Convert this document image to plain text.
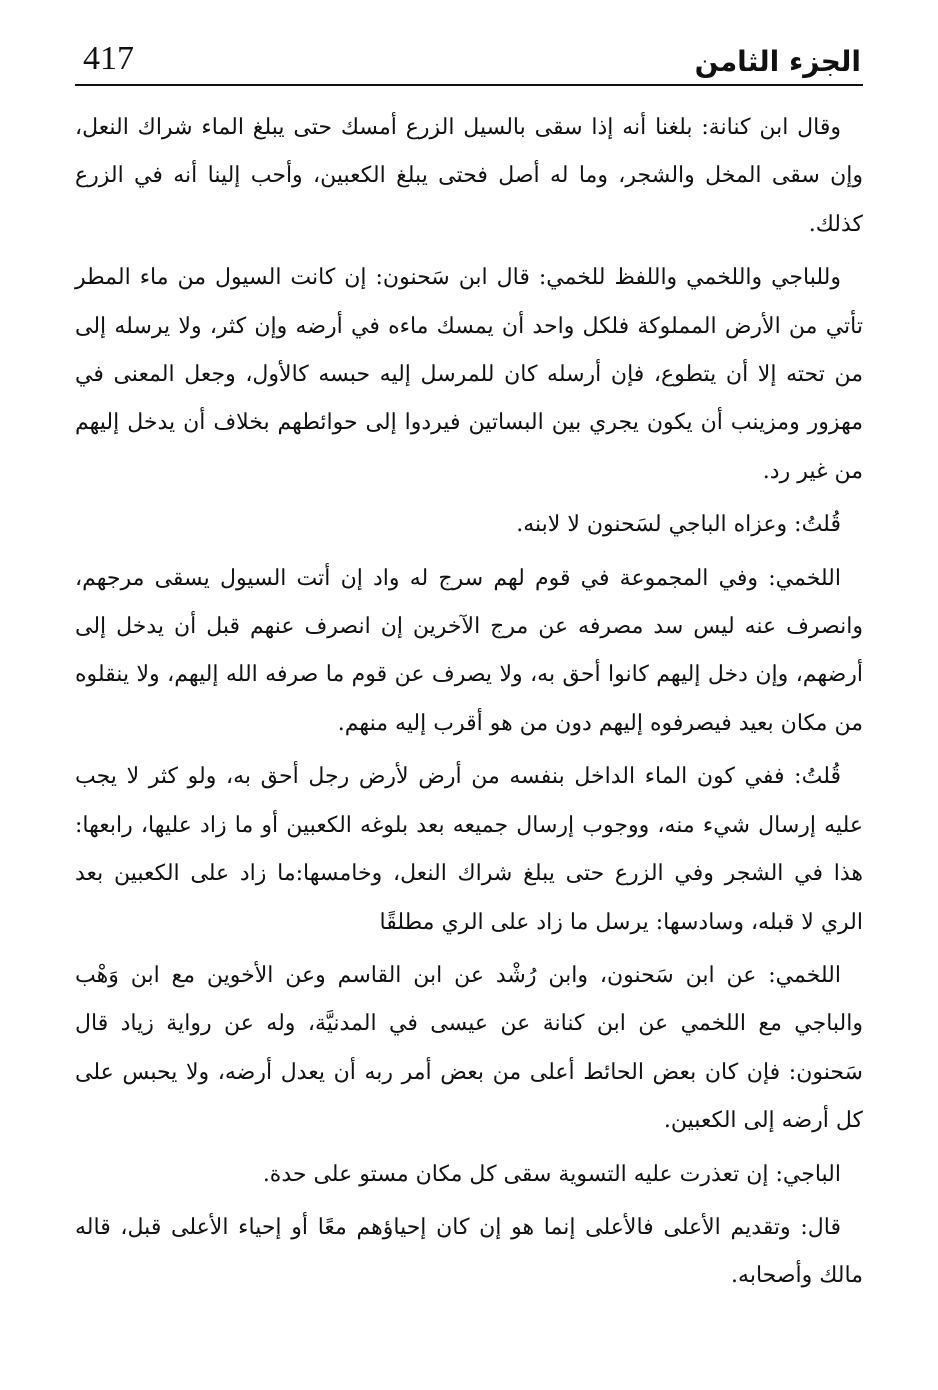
417	الجزء الثامن

وقال ابن كنانة: بلغنا أنه إذا سقى بالسيل الزرع أمسك حتى يبلغ الماء شراك النعل، وإن سقى المخل والشجر، وما له أصل فحتى يبلغ الكعبين، وأحب إلينا أنه في الزرع كذلك.

وللباجي واللخمي واللفظ للخمي: قال ابن سَحنون: إن كانت السيول من ماء المطر تأتي من الأرض المملوكة فلكل واحد أن يمسك ماءه في أرضه وإن كثر، ولا يرسله إلى من تحته إلا أن يتطوع، فإن أرسله كان للمرسل إليه حبسه كالأول، وجعل المعنى في مهزور ومزينب أن يكون يجري بين البساتين فيردوا إلى حوائطهم بخلاف أن يدخل إليهم من غير رد.

قُلتُ: وعزاه الباجي لسَحنون لا لابنه.

اللخمي: وفي المجموعة في قوم لهم سرج له واد إن أتت السيول يسقى مرجهم، وانصرف عنه ليس سد مصرفه عن مرج الآخرين إن انصرف عنهم قبل أن يدخل إلى أرضهم، وإن دخل إليهم كانوا أحق به، ولا يصرف عن قوم ما صرفه الله إليهم، ولا ينقلوه من مكان بعيد فيصرفوه إليهم دون من هو أقرب إليه منهم.

قُلتُ: ففي كون الماء الداخل بنفسه من أرض لأرض رجل أحق به، ولو كثر لا يجب عليه إرسال شيء منه، ووجوب إرسال جميعه بعد بلوغه الكعبين أو ما زاد عليها، رابعها: هذا في الشجر وفي الزرع حتى يبلغ شراك النعل، وخامسها:ما زاد على الكعبين بعد الري لا قبله، وسادسها: يرسل ما زاد على الري مطلقًا

اللخمي: عن ابن سَحنون، وابن رُشْد عن ابن القاسم وعن الأخوين مع ابن وَهْب والباجي مع اللخمي عن ابن كنانة عن عيسى في المدنيَّة، وله عن رواية زياد قال سَحنون: فإن كان بعض الحائط أعلى من بعض أمر ربه أن يعدل أرضه، ولا يحبس على كل أرضه إلى الكعبين.

الباجي: إن تعذرت عليه التسوية سقى كل مكان مستو على حدة.

قال: وتقديم الأعلى فالأعلى إنما هو إن كان إحياؤهم معًا أو إحياء الأعلى قبل، قاله مالك وأصحابه.
